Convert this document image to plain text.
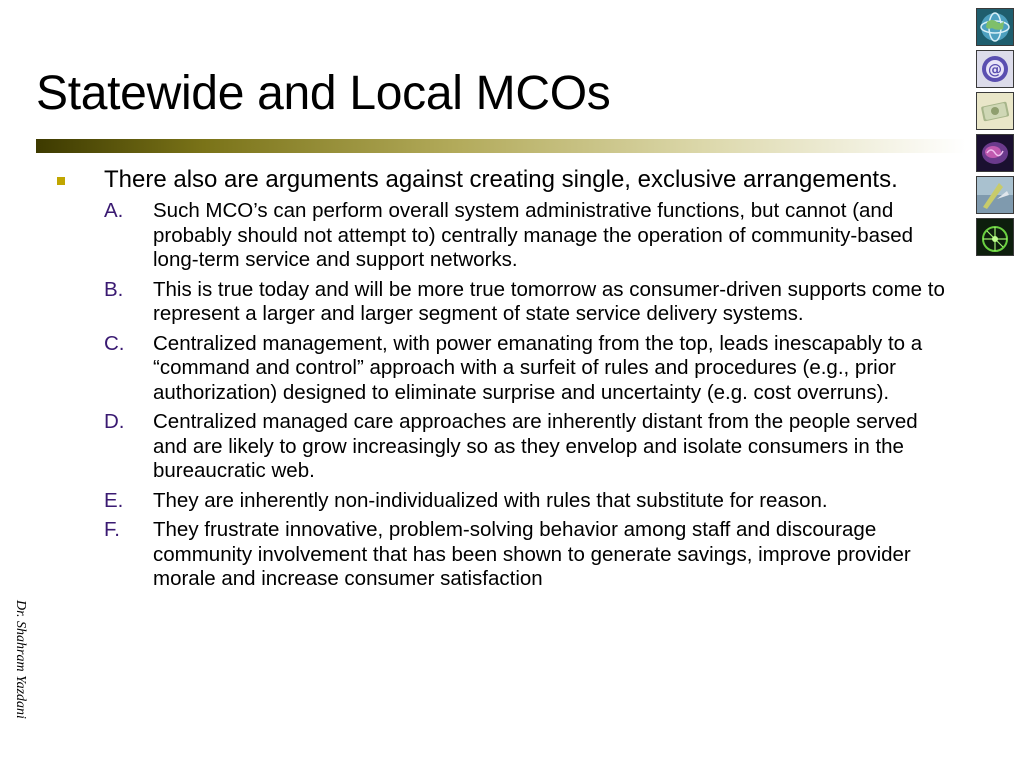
Statewide and Local MCOs	@
Dr. Shahram Yazdani
There also are arguments against creating single, exclusive arrangements.
A. Such MCO’s can perform overall system administrative functions, but cannot (and probably should not attempt to) centrally manage the operation of community-based long-term service and support networks.
B. This is true today and will be more true tomorrow as consumer-driven supports come to represent a larger and larger segment of state service delivery systems.
C. Centralized management, with power emanating from the top, leads inescapably to a “command and control” approach with a surfeit of rules and procedures (e.g., prior authorization) designed to eliminate surprise and uncertainty (e.g. cost overruns).
D. Centralized managed care approaches are inherently distant from the people served and are likely to grow increasingly so as they envelop and isolate consumers in the bureaucratic web.
E. They are inherently non-individualized with rules that substitute for reason.
F. They frustrate innovative, problem-solving behavior among staff and discourage community involvement that has been shown to generate savings, improve provider morale and increase consumer satisfaction
